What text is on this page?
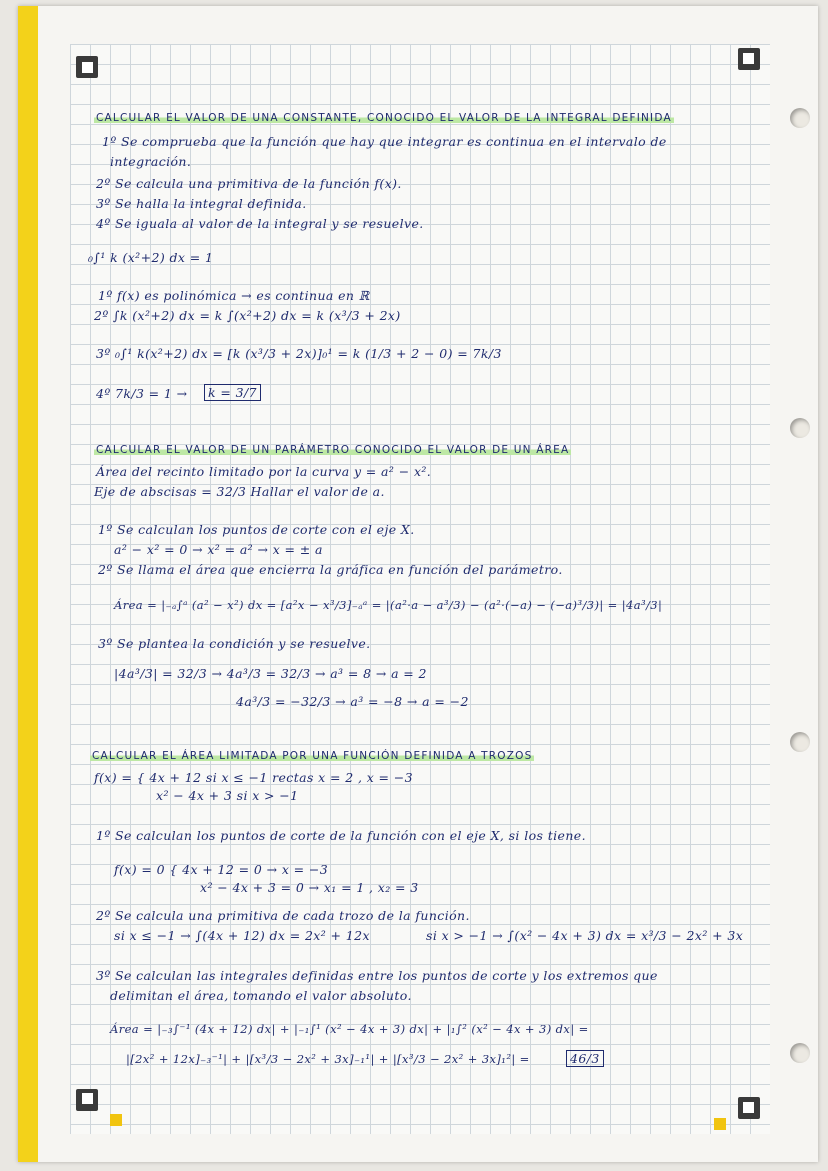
CALCULAR EL VALOR DE UNA CONSTANTE, CONOCIDO EL VALOR DE LA INTEGRAL DEFINIDA
1º Se comprueba que la función que hay que integrar es continua en el intervalo de
integración.
2º Se calcula una primitiva de la función f(x).
3º Se halla la integral definida.
4º Se iguala al valor de la integral y se resuelve.
₀∫¹ k (x²+2) dx = 1
1º f(x) es polinómica → es continua en ℝ
2º ∫k (x²+2) dx = k ∫(x²+2) dx = k (x³/3 + 2x)
3º ₀∫¹ k(x²+2) dx = [k (x³/3 + 2x)]₀¹ = k (1/3 + 2 − 0) = 7k/3
4º 7k/3 = 1 →	k = 3/7
CALCULAR EL VALOR DE UN PARÁMETRO CONOCIDO EL VALOR DE UN ÁREA
Área del recinto limitado por la curva y = a² − x².
Eje de abscisas = 32/3 Hallar el valor de a.
1º Se calculan los puntos de corte con el eje X.
a² − x² = 0 → x² = a² → x = ± a
2º Se llama el área que encierra la gráfica en función del parámetro.
Área = |₋ₐ∫ᵃ (a² − x²) dx = [a²x − x³/3]₋ₐᵃ = |(a²·a − a³/3) − (a²·(−a) − (−a)³/3)| = |4a³/3|
3º Se plantea la condición y se resuelve.
|4a³/3| = 32/3 → 4a³/3 = 32/3 → a³ = 8 → a = 2
4a³/3 = −32/3 → a³ = −8 → a = −2
CALCULAR EL ÁREA LIMITADA POR UNA FUNCIÓN DEFINIDA A TROZOS
f(x) = { 4x + 12 si x ≤ −1 rectas x = 2 , x = −3
x² − 4x + 3 si x > −1
1º Se calculan los puntos de corte de la función con el eje X, si los tiene.
f(x) = 0 { 4x + 12 = 0 → x = −3
x² − 4x + 3 = 0 → x₁ = 1 , x₂ = 3
2º Se calcula una primitiva de cada trozo de la función.
si x ≤ −1 → ∫(4x + 12) dx = 2x² + 12x	si x > −1 → ∫(x² − 4x + 3) dx = x³/3 − 2x² + 3x
3º Se calculan las integrales definidas entre los puntos de corte y los extremos que
delimitan el área, tomando el valor absoluto.
Área = |₋₃∫⁻¹ (4x + 12) dx| + |₋₁∫¹ (x² − 4x + 3) dx| + |₁∫² (x² − 4x + 3) dx| =
|[2x² + 12x]₋₃⁻¹| + |[x³/3 − 2x² + 3x]₋₁¹| + |[x³/3 − 2x² + 3x]₁²| =	46/3
